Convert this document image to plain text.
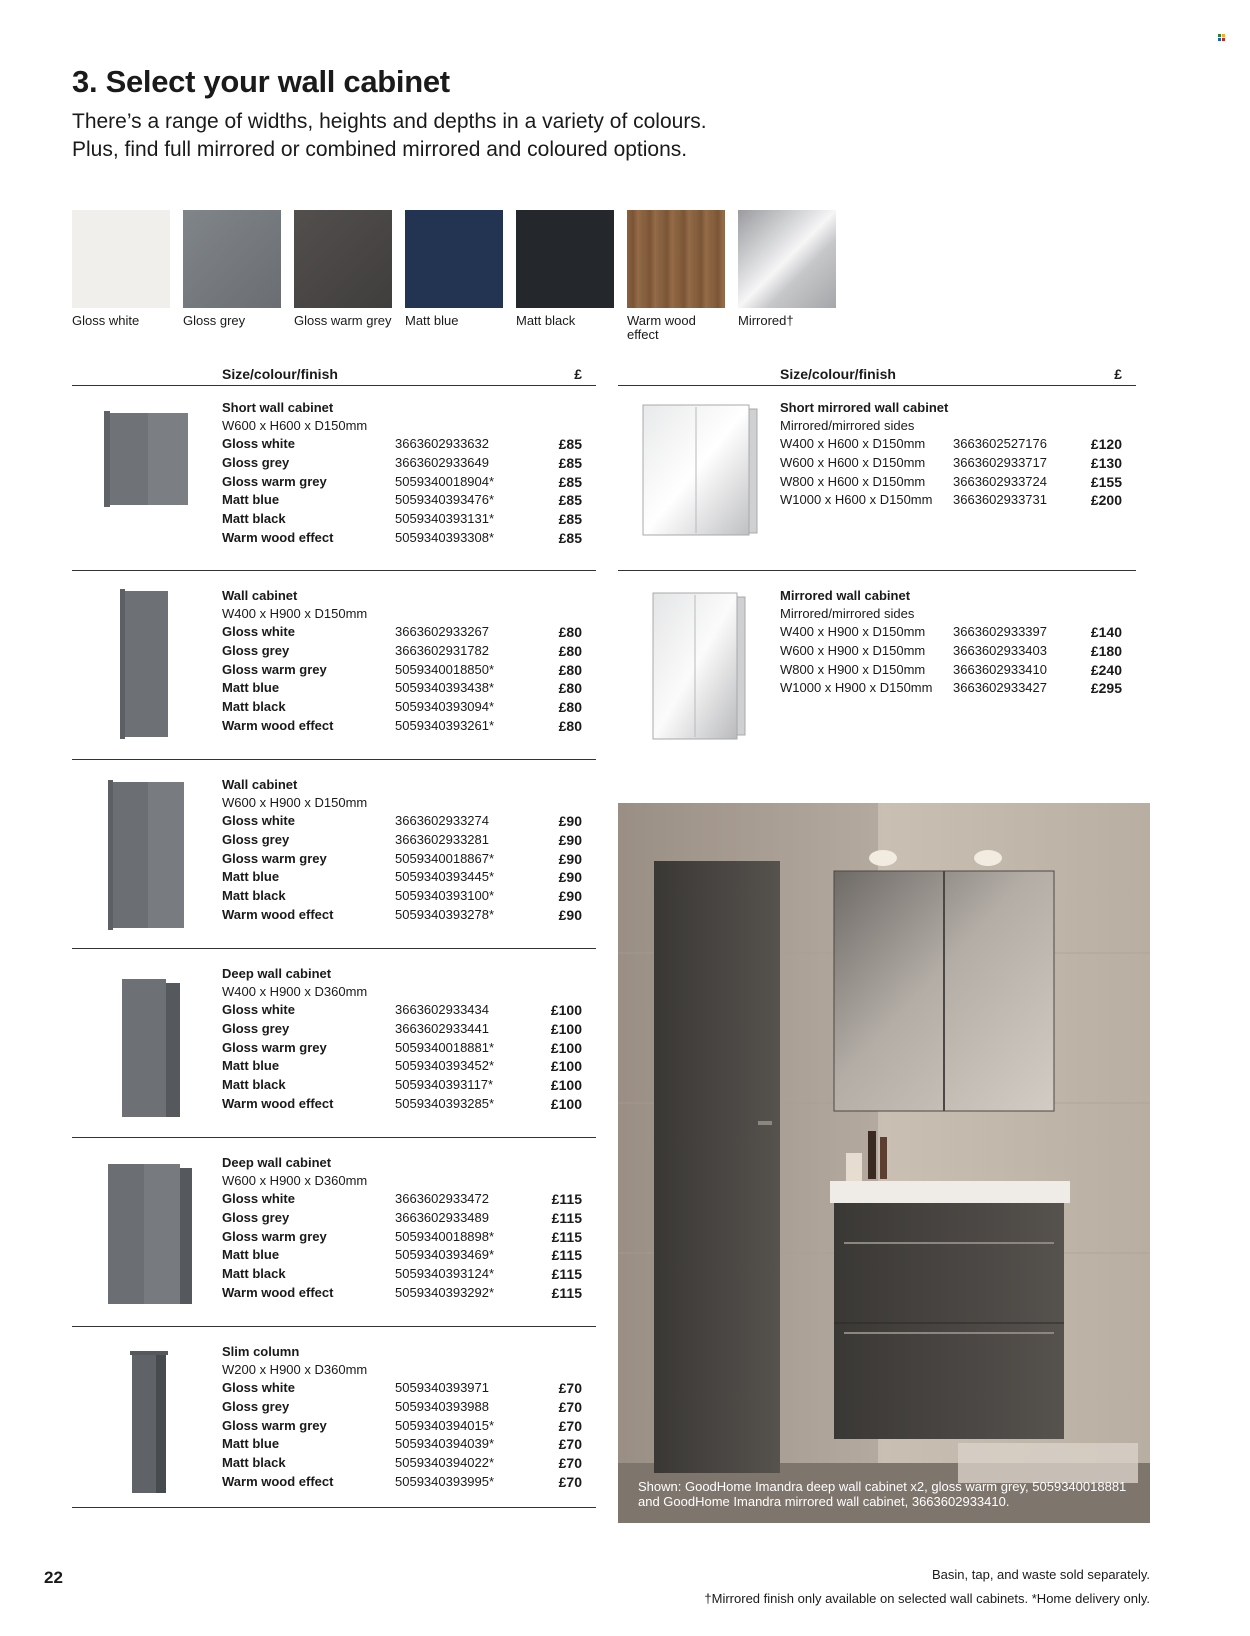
3. Select your wall cabinet
There’s a range of widths, heights and depths in a variety of colours.
Plus, find full mirrored or combined mirrored and coloured options.
Gloss white	Gloss grey	Gloss warm grey Matt blue	Matt black	Warm wood effect
Mirrored†
Size/colour/finish	£
Short wall cabinet
W600 x H600 x D150mm
Gloss white	3663602933632	£85
Gloss grey	3663602933649	£85
Gloss warm grey	5059340018904*	£85
Matt blue	5059340393476*	£85
Matt black	5059340393131*	£85
Warm wood effect	5059340393308*	£85
Wall cabinet
W400 x H900 x D150mm
Gloss white	3663602933267	£80
Gloss grey	3663602931782	£80
Gloss warm grey	5059340018850*	£80
Matt blue	5059340393438*	£80
Matt black	5059340393094*	£80
Warm wood effect	5059340393261*	£80
Wall cabinet
W600 x H900 x D150mm
Gloss white	3663602933274	£90
Gloss grey	3663602933281	£90
Gloss warm grey	5059340018867*	£90
Matt blue	5059340393445*	£90
Matt black	5059340393100*	£90
Warm wood effect	5059340393278*	£90
Deep wall cabinet
W400 x H900 x D360mm
Gloss white	3663602933434	£100
Gloss grey	3663602933441	£100
Gloss warm grey	5059340018881*	£100
Matt blue	5059340393452*	£100
Matt black	5059340393117*	£100
Warm wood effect	5059340393285*	£100
Deep wall cabinet
W600 x H900 x D360mm
Gloss white	3663602933472	£115
Gloss grey	3663602933489	£115
Gloss warm grey	5059340018898*	£115
Matt blue	5059340393469*	£115
Matt black	5059340393124*	£115
Warm wood effect	5059340393292*	£115
Slim column
W200 x H900 x D360mm
Gloss white	5059340393971	£70
Gloss grey	5059340393988	£70
Gloss warm grey	5059340394015*	£70
Matt blue	5059340394039*	£70
Matt black	5059340394022*	£70
Warm wood effect	5059340393995*	£70
Size/colour/finish	£
Short mirrored wall cabinet
Mirrored/mirrored sides
W400 x H600 x D150mm 3663602527176	£120
W600 x H600 x D150mm 3663602933717	£130
W800 x H600 x D150mm 3663602933724	£155
W1000 x H600 x D150mm 3663602933731	£200
Mirrored wall cabinet
Mirrored/mirrored sides
W400 x H900 x D150mm 3663602933397	£140
W600 x H900 x D150mm 3663602933403	£180
W800 x H900 x D150mm 3663602933410	£240
W1000 x H900 x D150mm 3663602933427	£295
Shown: GoodHome Imandra deep wall cabinet x2, gloss warm grey, 5059340018881 and GoodHome Imandra mirrored wall cabinet, 3663602933410.
22	Basin, tap, and waste sold separately.
†Mirrored finish only available on selected wall cabinets. *Home delivery only.
